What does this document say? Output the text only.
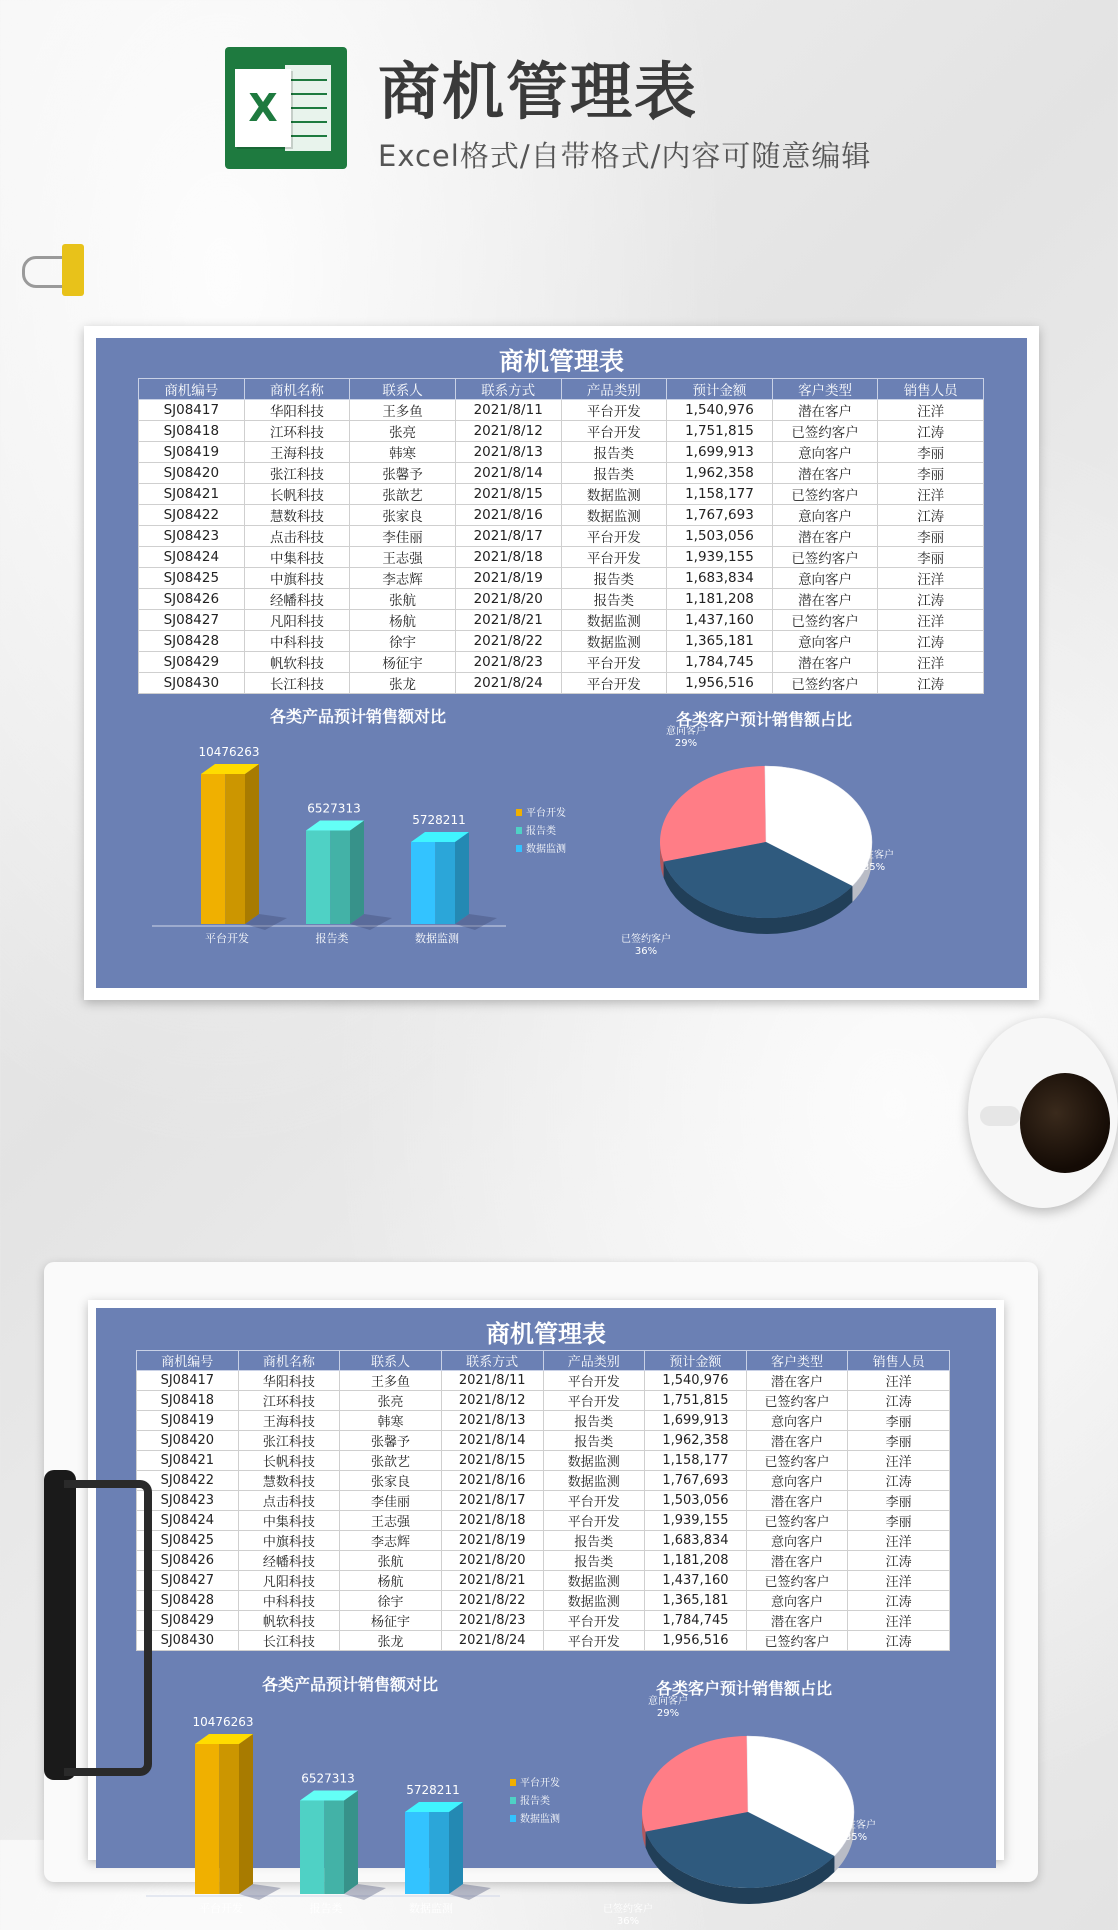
X 商机管理表
Excel格式/自带格式/内容可随意编辑
商机管理表
商机编号	商机名称	联系人	联系方式	产品类别	预计金额	客户类型	销售人员
SJ08417	华阳科技	王多鱼	2021/8/11	平台开发	1,540,976	潜在客户	汪洋
SJ08418	江环科技	张亮	2021/8/12	平台开发	1,751,815	已签约客户	江涛
SJ08419	王海科技	韩寒	2021/8/13	报告类	1,699,913	意向客户	李丽
SJ08420	张江科技	张馨予	2021/8/14	报告类	1,962,358	潜在客户	李丽
SJ08421	长帆科技	张歆艺	2021/8/15	数据监测	1,158,177	已签约客户	汪洋
SJ08422	慧数科技	张家良	2021/8/16	数据监测	1,767,693	意向客户	江涛
SJ08423	点击科技	李佳丽	2021/8/17	平台开发	1,503,056	潜在客户	李丽
SJ08424	中集科技	王志强	2021/8/18	平台开发	1,939,155	已签约客户	李丽
SJ08425	中旗科技	李志辉	2021/8/19	报告类	1,683,834	意向客户	汪洋
SJ08426	经幡科技	张航	2021/8/20	报告类	1,181,208	潜在客户	江涛
SJ08427	凡阳科技	杨航	2021/8/21	数据监测	1,437,160	已签约客户	汪洋
SJ08428	中科科技	徐宇	2021/8/22	数据监测	1,365,181	意向客户	江涛
SJ08429	帆软科技	杨征宇	2021/8/23	平台开发	1,784,745	潜在客户	汪洋
SJ08430	长江科技	张龙	2021/8/24	平台开发	1,956,516	已签约客户	江涛
各类产品预计销售额对比	各类客户预计销售额占比
10476263
平台开发
6527313
报告类
5728211
数据监测
平台开发
报告类
数据监测
意向客户
29%
潜在客户
35%
已签约客户
36%
商机管理表
商机编号	商机名称	联系人	联系方式	产品类别	预计金额	客户类型	销售人员
SJ08417	华阳科技	王多鱼	2021/8/11	平台开发	1,540,976	潜在客户	汪洋
SJ08418	江环科技	张亮	2021/8/12	平台开发	1,751,815	已签约客户	江涛
SJ08419	王海科技	韩寒	2021/8/13	报告类	1,699,913	意向客户	李丽
SJ08420	张江科技	张馨予	2021/8/14	报告类	1,962,358	潜在客户	李丽
SJ08421	长帆科技	张歆艺	2021/8/15	数据监测	1,158,177	已签约客户	汪洋
SJ08422	慧数科技	张家良	2021/8/16	数据监测	1,767,693	意向客户	江涛
SJ08423	点击科技	李佳丽	2021/8/17	平台开发	1,503,056	潜在客户	李丽
SJ08424	中集科技	王志强	2021/8/18	平台开发	1,939,155	已签约客户	李丽
SJ08425	中旗科技	李志辉	2021/8/19	报告类	1,683,834	意向客户	汪洋
SJ08426	经幡科技	张航	2021/8/20	报告类	1,181,208	潜在客户	江涛
SJ08427	凡阳科技	杨航	2021/8/21	数据监测	1,437,160	已签约客户	汪洋
SJ08428	中科科技	徐宇	2021/8/22	数据监测	1,365,181	意向客户	江涛
SJ08429	帆软科技	杨征宇	2021/8/23	平台开发	1,784,745	潜在客户	汪洋
SJ08430	长江科技	张龙	2021/8/24	平台开发	1,956,516	已签约客户	江涛
各类产品预计销售额对比	各类客户预计销售额占比
10476263
平台开发
6527313
报告类
5728211
数据监测
平台开发
报告类
数据监测
意向客户
29%
潜在客户
35%
已签约客户
36%
